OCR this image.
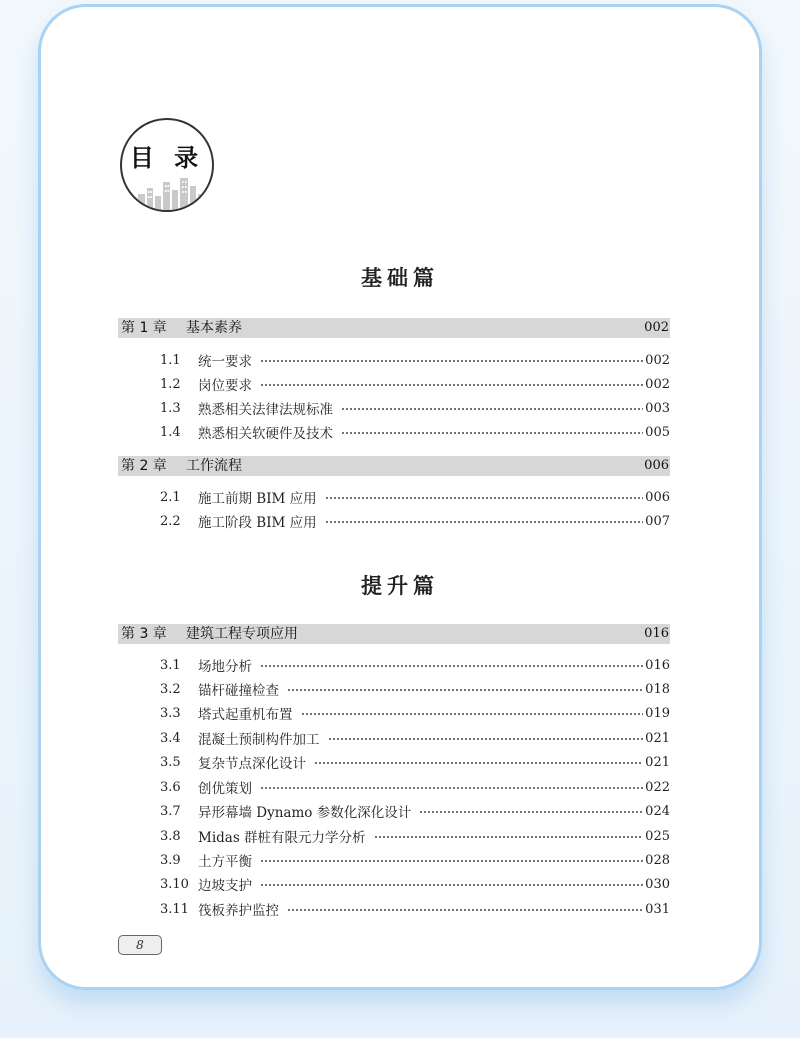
目 录
基础篇
第 1 章 基本素养	002
1.1	统一要求	002
1.2	岗位要求	002
1.3	熟悉相关法律法规标准	003
1.4	熟悉相关软硬件及技术	005
第 2 章 工作流程	006
2.1	施工前期 BIM 应用	006
2.2	施工阶段 BIM 应用	007
提升篇
第 3 章 建筑工程专项应用	016
3.1	场地分析	016
3.2	锚杆碰撞检查	018
3.3	塔式起重机布置	019
3.4	混凝土预制构件加工	021
3.5	复杂节点深化设计	021
3.6	创优策划	022
3.7	异形幕墙 Dynamo 参数化深化设计	024
3.8	Midas 群桩有限元力学分析	025
3.9	土方平衡	028
3.10 边坡支护	030
3.11 筏板养护监控	031
8
